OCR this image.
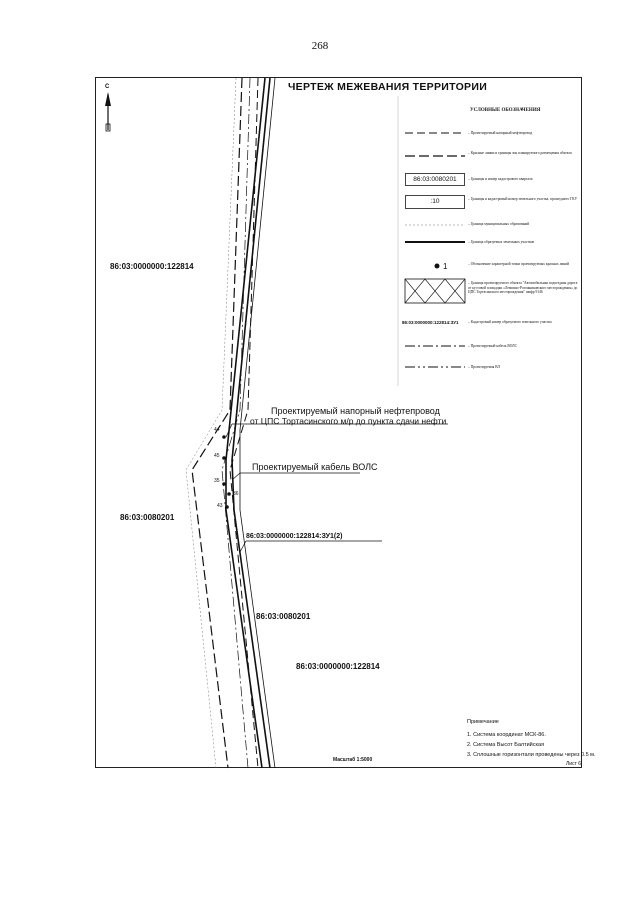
268
ЧЕРТЕЖ МЕЖЕВАНИЯ ТЕРРИТОРИИ
С
УСЛОВНЫЕ ОБОЗНАЧЕНИЯ
– Проектируемый напорный нефтепровод
– Красные линии и границы зон планируемого размещения объекта
86:03:0080201	– Границы и номер кадастрового квартала
:10	– Границы и кадастровый номер земельного участка, прошедшего ГКУ
– Граница муниципальных образований
– Граница образуемых земельных участков
1	– Обозначение характерной точки проектируемых красных линий
– Граница проектируемого объекта "Автомобильная подъездная дорога от кустовой площадки «Лемпино-Рогожниковского месторождения» до ЦПС Тортасинского месторождения" шифр 9146
86:03:0000000:122814:ЗУ1	– Кадастровый номер образуемого земельного участка
– Проектируемый кабель ВОЛС
– Проектируемая ВЛ
86:03:0000000:122814
86:03:0080201
86:03:0000000:122814:ЗУ1(2)
86:03:0080201
86:03:0000000:122814
Проектируемый напорный нефтепровод
от ЦПС Тортасинского м/р до пункта сдачи нефти
Проектируемый кабель ВОЛС
44
45
35
36
43
Примечание
1. Система координат МСК-86.
2. Система Высот Балтийская
3. Сплошные горизонтали проведены через 0.5 м.
Масштаб 1:5000
Лист 6
